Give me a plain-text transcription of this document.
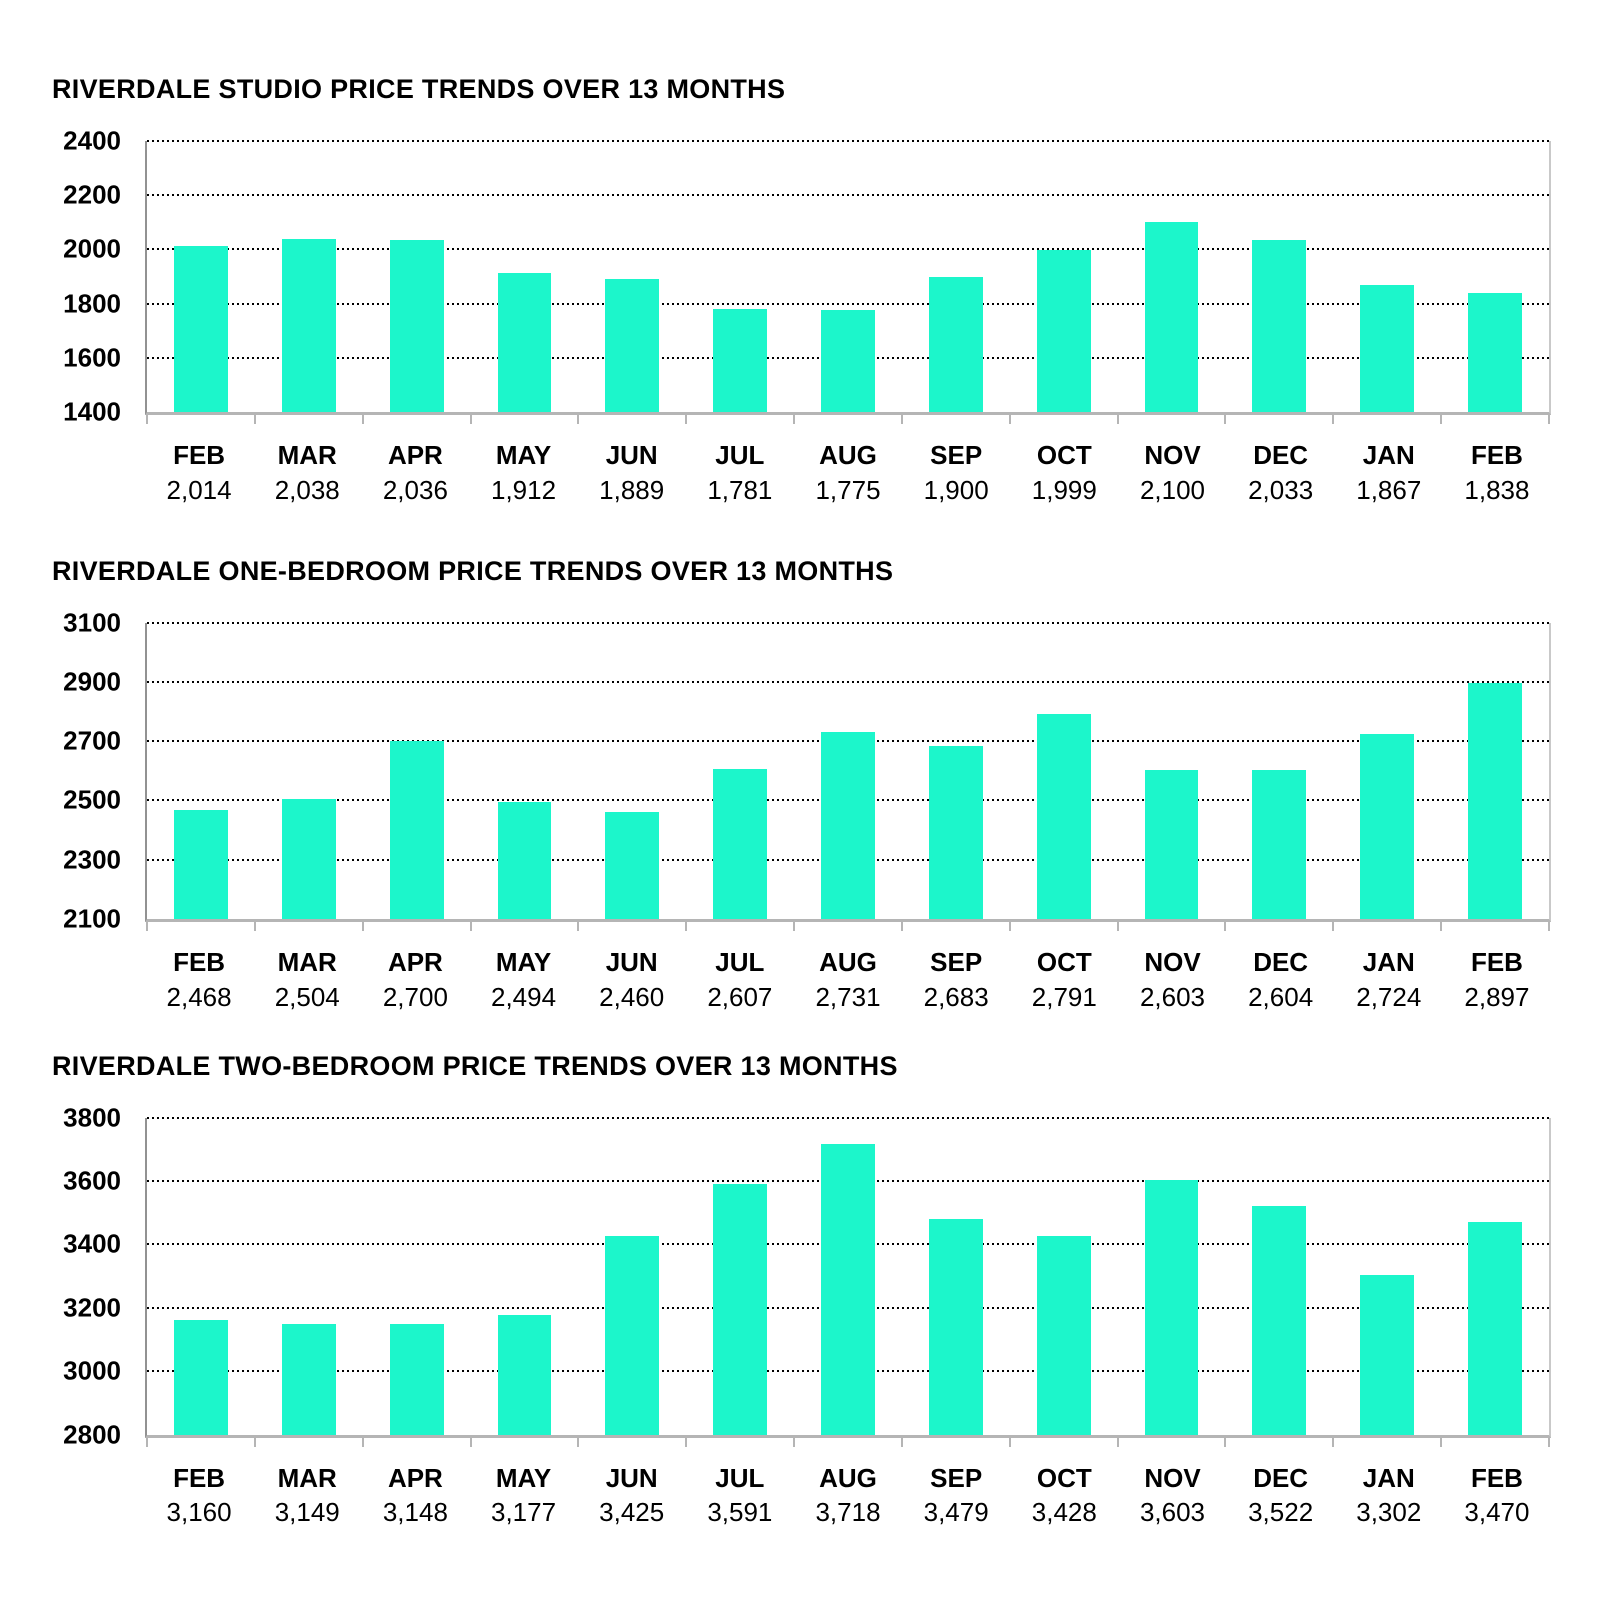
RIVERDALE STUDIO PRICE TRENDS OVER 13 MONTHS
2400
2200
2000
1800
1600
1400
FEB
2,014
MAR
2,038
APR
2,036
MAY
1,912
JUN
1,889
JUL
1,781
AUG
1,775
SEP
1,900
OCT
1,999
NOV
2,100
DEC
2,033
JAN
1,867
FEB
1,838
RIVERDALE ONE-BEDROOM PRICE TRENDS OVER 13 MONTHS
3100
2900
2700
2500
2300
2100
FEB
2,468
MAR
2,504
APR
2,700
MAY
2,494
JUN
2,460
JUL
2,607
AUG
2,731
SEP
2,683
OCT
2,791
NOV
2,603
DEC
2,604
JAN
2,724
FEB
2,897
RIVERDALE TWO-BEDROOM PRICE TRENDS OVER 13 MONTHS
3800
3600
3400
3200
3000
2800
FEB
3,160
MAR
3,149
APR
3,148
MAY
3,177
JUN
3,425
JUL
3,591
AUG
3,718
SEP
3,479
OCT
3,428
NOV
3,603
DEC
3,522
JAN
3,302
FEB
3,470
